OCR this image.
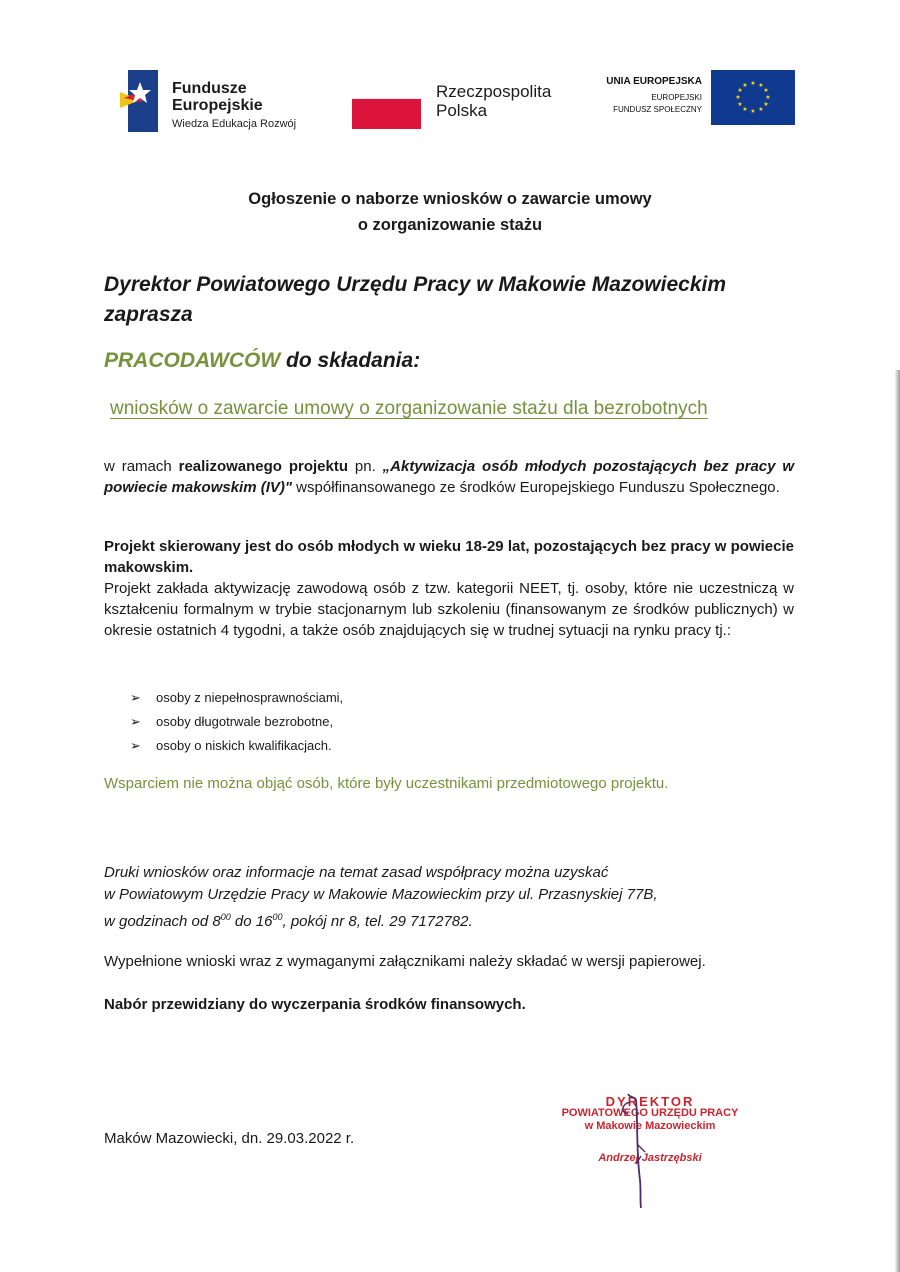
Fundusze
Europejskie
Wiedza Edukacja Rozwój
Rzeczpospolita
Polska
UNIA EUROPEJSKA
EUROPEJSKI
FUNDUSZ SPOŁECZNY
★ ★
★
★
★
★
★
★
★
★
★
★
Ogłoszenie o naborze wniosków o zawarcie umowy
o zorganizowanie stażu
Dyrektor Powiatowego Urzędu Pracy w Makowie Mazowieckim zaprasza
PRACODAWCÓW do składania:
wniosków o zawarcie umowy o zorganizowanie stażu dla bezrobotnych
w ramach realizowanego projektu pn. „Aktywizacja osób młodych pozostających bez pracy w powiecie makowskim (IV)" współfinansowanego ze środków Europejskiego Funduszu Społecznego.
Projekt skierowany jest do osób młodych w wieku 18-29 lat, pozostających bez pracy w powiecie makowskim.
Projekt zakłada aktywizację zawodową osób z tzw. kategorii NEET, tj. osoby, które nie uczestniczą w kształceniu formalnym w trybie stacjonarnym lub szkoleniu (finansowanym ze środków publicznych) w okresie ostatnich 4 tygodni, a także osób znajdujących się w trudnej sytuacji na rynku pracy tj.:
➢	osoby z niepełnosprawnościami,
➢	osoby długotrwale bezrobotne,
➢	osoby o niskich kwalifikacjach.
Wsparciem nie można objąć osób, które były uczestnikami przedmiotowego projektu.
Druki wniosków oraz informacje na temat zasad współpracy można uzyskać
w Powiatowym Urzędzie Pracy w Makowie Mazowieckim przy ul. Przasnyskiej 77B,
w godzinach od $8^{00}$ do $16^{00}$, pokój nr 8, tel. 29 7172782.
Wypełnione wnioski wraz z wymaganymi załącznikami należy składać w wersji papierowej.
Nabór przewidziany do wyczerpania środków finansowych.
Maków Mazowiecki, dn. 29.03.2022 r.
DYREKTOR
POWIATOWEGO URZĘDU PRACY
w Makowie Mazowieckim
Andrzej Jastrzębski
